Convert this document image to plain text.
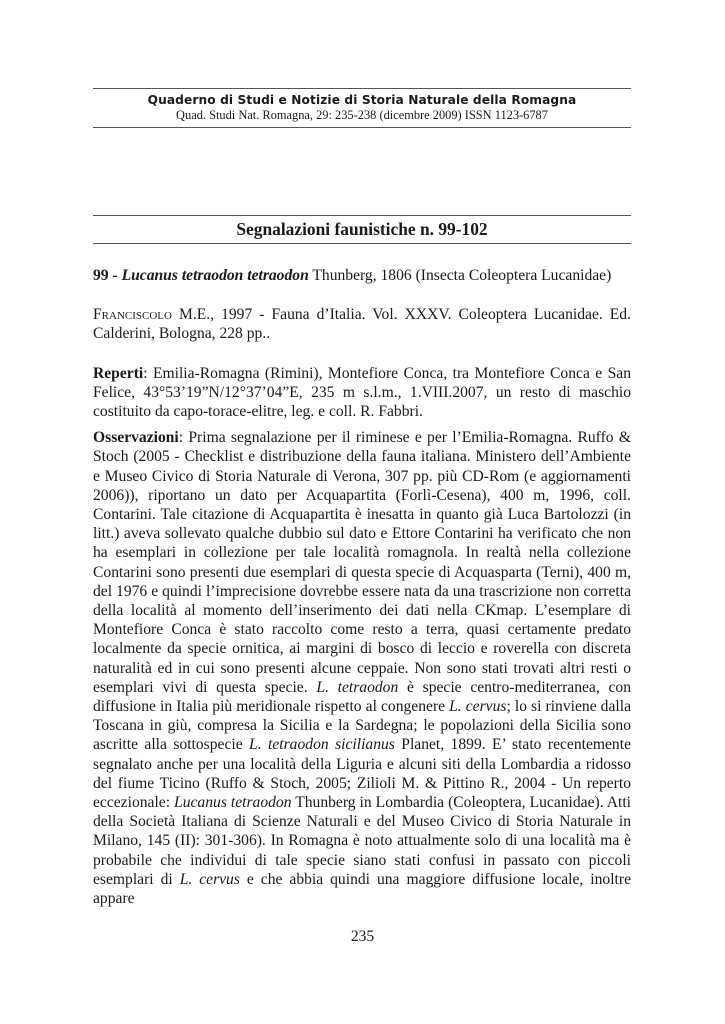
Quaderno di Studi e Notizie di Storia Naturale della Romagna
Quad. Studi Nat. Romagna, 29: 235-238 (dicembre 2009) ISSN 1123-6787
Segnalazioni faunistiche n. 99-102

99 - Lucanus tetraodon tetraodon Thunberg, 1806 (Insecta Coleoptera Lucanidae)

Franciscolo M.E., 1997 - Fauna d’Italia. Vol. XXXV. Coleoptera Lucanidae. Ed. Calderini, Bologna, 228 pp..

Reperti: Emilia-Romagna (Rimini), Montefiore Conca, tra Montefiore Conca e San Felice, 43°53’19”N/12°37’04”E, 235 m s.l.m., 1.VIII.2007, un resto di maschio costituito da capo-torace-elitre, leg. e coll. R. Fabbri.

Osservazioni: Prima segnalazione per il riminese e per l’Emilia-Romagna. Ruffo & Stoch (2005 - Checklist e distribuzione della fauna italiana. Ministero dell’Ambiente e Museo Civico di Storia Naturale di Verona, 307 pp. più CD-Rom (e aggiornamenti 2006)), riportano un dato per Acquapartita (Forlì-Cesena), 400 m, 1996, coll. Contarini. Tale citazione di Acquapartita è inesatta in quanto già Luca Bartolozzi (in litt.) aveva sollevato qualche dubbio sul dato e Ettore Contarini ha verificato che non ha esemplari in collezione per tale località romagnola. In realtà nella collezione Contarini sono presenti due esemplari di questa specie di Acquasparta (Terni), 400 m, del 1976 e quindi l’imprecisione dovrebbe essere nata da una trascrizione non corretta della località al momento dell’inserimento dei dati nella CKmap. L’esemplare di Montefiore Conca è stato raccolto come resto a terra, quasi certamente predato localmente da specie ornitica, ai margini di bosco di leccio e roverella con discreta naturalità ed in cui sono presenti alcune ceppaie. Non sono stati trovati altri resti o esemplari vivi di questa specie. L. tetraodon è specie centro-mediterranea, con diffusione in Italia più meridionale rispetto al congenere L. cervus; lo si rinviene dalla Toscana in giù, compresa la Sicilia e la Sardegna; le popolazioni della Sicilia sono ascritte alla sottospecie L. tetraodon sicilianus Planet, 1899. E’ stato recentemente segnalato anche per una località della Liguria e alcuni siti della Lombardia a ridosso del fiume Ticino (Ruffo & Stoch, 2005; Zilioli M. & Pittino R., 2004 - Un reperto eccezionale: Lucanus tetraodon Thunberg in Lombardia (Coleoptera, Lucanidae). Atti della Società Italiana di Scienze Naturali e del Museo Civico di Storia Naturale in Milano, 145 (II): 301-306). In Romagna è noto attualmente solo di una località ma è probabile che individui di tale specie siano stati confusi in passato con piccoli esemplari di L. cervus e che abbia quindi una maggiore diffusione locale, inoltre appare

235
